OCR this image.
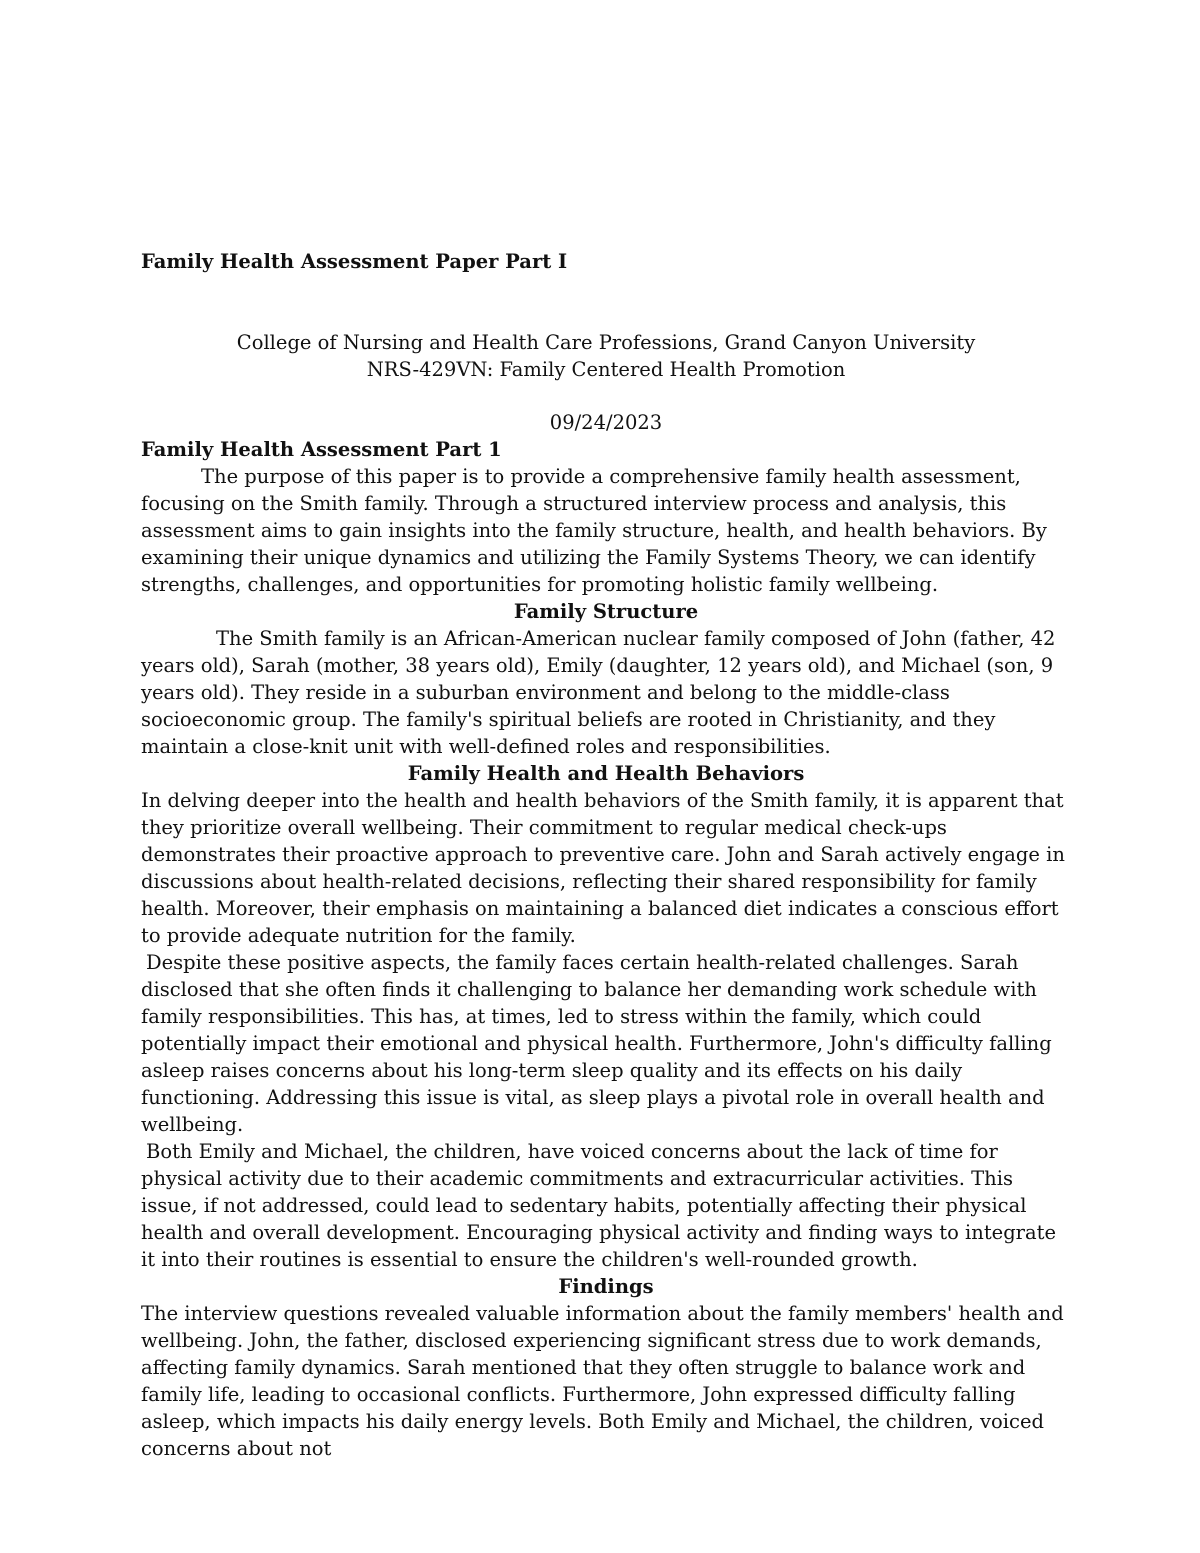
Family Health Assessment Paper Part I
College of Nursing and Health Care Professions, Grand Canyon University
NRS-429VN: Family Centered Health Promotion
09/24/2023
Family Health Assessment Part 1

The purpose of this paper is to provide a comprehensive family health assessment, focusing on the Smith family. Through a structured interview process and analysis, this assessment aims to gain insights into the family structure, health, and health behaviors. By examining their unique dynamics and utilizing the Family Systems Theory, we can identify strengths, challenges, and opportunities for promoting holistic family wellbeing.

Family Structure

The Smith family is an African-American nuclear family composed of John (father, 42 years old), Sarah (mother, 38 years old), Emily (daughter, 12 years old), and Michael (son, 9 years old). They reside in a suburban environment and belong to the middle-class socioeconomic group. The family's spiritual beliefs are rooted in Christianity, and they maintain a close-knit unit with well-defined roles and responsibilities.

Family Health and Health Behaviors

In delving deeper into the health and health behaviors of the Smith family, it is apparent that they prioritize overall wellbeing. Their commitment to regular medical check-ups demonstrates their proactive approach to preventive care. John and Sarah actively engage in discussions about health-related decisions, reflecting their shared responsibility for family health. Moreover, their emphasis on maintaining a balanced diet indicates a conscious effort to provide adequate nutrition for the family.

Despite these positive aspects, the family faces certain health-related challenges. Sarah disclosed that she often finds it challenging to balance her demanding work schedule with family responsibilities. This has, at times, led to stress within the family, which could potentially impact their emotional and physical health. Furthermore, John's difficulty falling asleep raises concerns about his long-term sleep quality and its effects on his daily functioning. Addressing this issue is vital, as sleep plays a pivotal role in overall health and wellbeing.

Both Emily and Michael, the children, have voiced concerns about the lack of time for physical activity due to their academic commitments and extracurricular activities. This issue, if not addressed, could lead to sedentary habits, potentially affecting their physical health and overall development. Encouraging physical activity and finding ways to integrate it into their routines is essential to ensure the children's well-rounded growth.

Findings

The interview questions revealed valuable information about the family members' health and wellbeing. John, the father, disclosed experiencing significant stress due to work demands, affecting family dynamics. Sarah mentioned that they often struggle to balance work and family life, leading to occasional conflicts. Furthermore, John expressed difficulty falling asleep, which impacts his daily energy levels. Both Emily and Michael, the children, voiced concerns about not
